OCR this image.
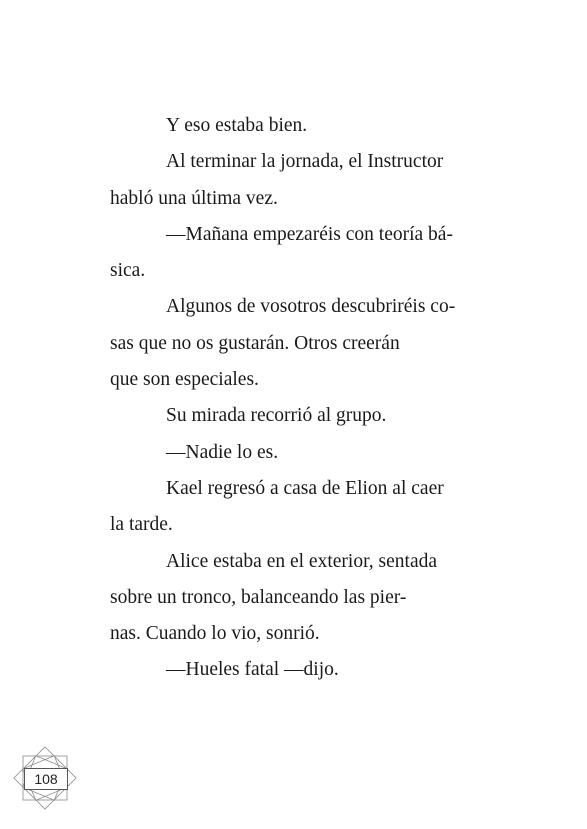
Y eso estaba bien.

Al terminar la jornada, el Instructor
habló una última vez.

—Mañana empezaréis con teoría bá-
sica.

Algunos de vosotros descubriréis co-
sas que no os gustarán. Otros creerán
que son especiales.

Su mirada recorrió al grupo.

—Nadie lo es.

Kael regresó a casa de Elion al caer
la tarde.

Alice estaba en el exterior, sentada
sobre un tronco, balanceando las pier-
nas. Cuando lo vio, sonrió.

—Hueles fatal —dijo.

108
